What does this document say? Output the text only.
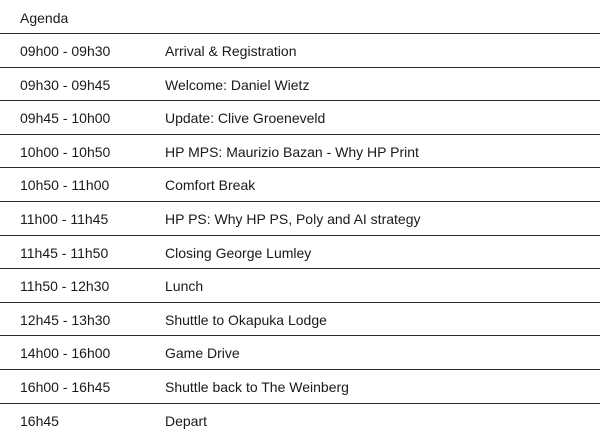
Agenda
09h00 - 09h30	Arrival & Registration
09h30 - 09h45	Welcome: Daniel Wietz
09h45 - 10h00	Update: Clive Groeneveld
10h00 - 10h50	HP MPS: Maurizio Bazan - Why HP Print
10h50 - 11h00	Comfort Break
11h00 - 11h45	HP PS: Why HP PS, Poly and AI strategy
11h45 - 11h50	Closing George Lumley
11h50 - 12h30	Lunch
12h45 - 13h30	Shuttle to Okapuka Lodge
14h00 - 16h00	Game Drive
16h00 - 16h45	Shuttle back to The Weinberg
16h45	Depart
